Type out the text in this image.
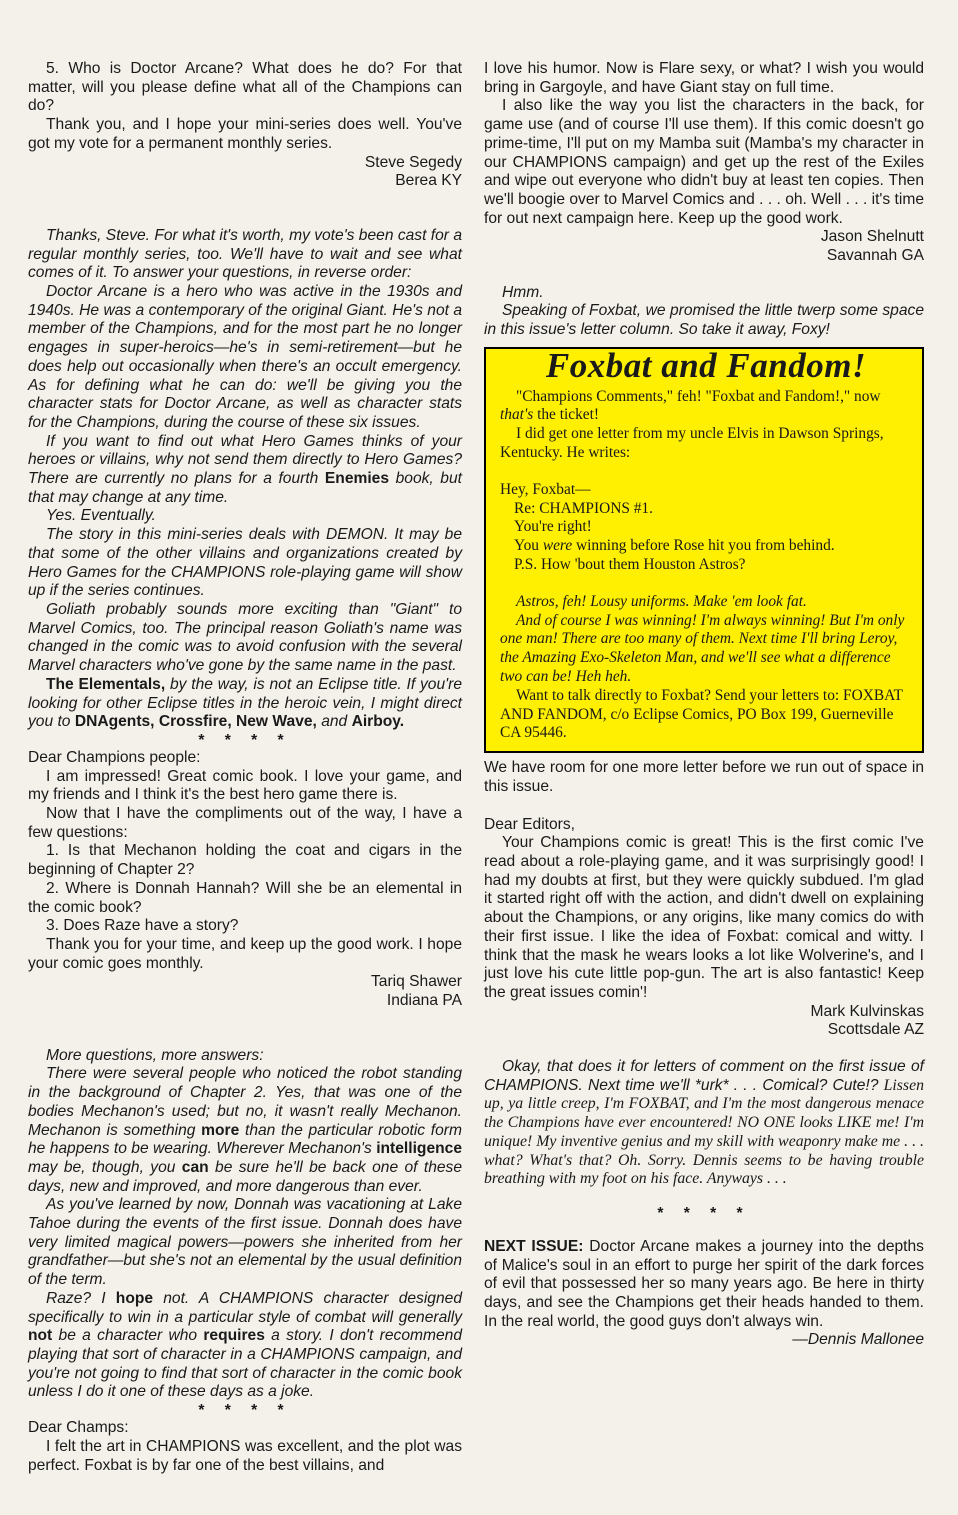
5. Who is Doctor Arcane? What does he do? For that matter, will you please define what all of the Champions can do?

Thank you, and I hope your mini-series does well. You've got my vote for a permanent monthly series.

Steve Segedy

Berea KY

Thanks, Steve. For what it's worth, my vote's been cast for a regular monthly series, too. We'll have to wait and see what comes of it. To answer your questions, in reverse order:

Doctor Arcane is a hero who was active in the 1930s and 1940s. He was a contemporary of the original Giant. He's not a member of the Champions, and for the most part he no longer engages in super-heroics—he's in semi-retirement—but he does help out occasionally when there's an occult emergency. As for defining what he can do: we'll be giving you the character stats for Doctor Arcane, as well as character stats for the Champions, during the course of these six issues.

If you want to find out what Hero Games thinks of your heroes or villains, why not send them directly to Hero Games? There are currently no plans for a fourth Enemies book, but that may change at any time.

Yes. Eventually.

The story in this mini-series deals with DEMON. It may be that some of the other villains and organizations created by Hero Games for the CHAMPIONS role-playing game will show up if the series continues.

Goliath probably sounds more exciting than "Giant" to Marvel Comics, too. The principal reason Goliath's name was changed in the comic was to avoid confusion with the several Marvel characters who've gone by the same name in the past.

The Elementals, by the way, is not an Eclipse title. If you're looking for other Eclipse titles in the heroic vein, I might direct you to DNAgents, Crossfire, New Wave, and Airboy.

* * * *

Dear Champions people:

I am impressed! Great comic book. I love your game, and my friends and I think it's the best hero game there is.

Now that I have the compliments out of the way, I have a few questions:

1. Is that Mechanon holding the coat and cigars in the beginning of Chapter 2?

2. Where is Donnah Hannah? Will she be an elemental in the comic book?

3. Does Raze have a story?

Thank you for your time, and keep up the good work. I hope your comic goes monthly.

Tariq Shawer

Indiana PA

More questions, more answers:

There were several people who noticed the robot standing in the background of Chapter 2. Yes, that was one of the bodies Mechanon's used; but no, it wasn't really Mechanon. Mechanon is something more than the particular robotic form he happens to be wearing. Wherever Mechanon's intelligence may be, though, you can be sure he'll be back one of these days, new and improved, and more dangerous than ever.

As you've learned by now, Donnah was vacationing at Lake Tahoe during the events of the first issue. Donnah does have very limited magical powers—powers she inherited from her grandfather—but she's not an elemental by the usual definition of the term.

Raze? I hope not. A CHAMPIONS character designed specifically to win in a particular style of combat will generally not be a character who requires a story. I don't recommend playing that sort of character in a CHAMPIONS campaign, and you're not going to find that sort of character in the comic book unless I do it one of these days as a joke.

* * * *

Dear Champs:

I felt the art in CHAMPIONS was excellent, and the plot was perfect. Foxbat is by far one of the best villains, and

I love his humor. Now is Flare sexy, or what? I wish you would bring in Gargoyle, and have Giant stay on full time.

I also like the way you list the characters in the back, for game use (and of course I'll use them). If this comic doesn't go prime-time, I'll put on my Mamba suit (Mamba's my character in our CHAMPIONS campaign) and get up the rest of the Exiles and wipe out everyone who didn't buy at least ten copies. Then we'll boogie over to Marvel Comics and . . . oh. Well . . . it's time for out next campaign here. Keep up the good work.

Jason Shelnutt

Savannah GA

Hmm.

Speaking of Foxbat, we promised the little twerp some space in this issue's letter column. So take it away, Foxy!

Foxbat and Fandom!

"Champions Comments," feh! "Foxbat and Fandom!," now that's the ticket!

I did get one letter from my uncle Elvis in Dawson Springs, Kentucky. He writes:

Hey, Foxbat—

Re: CHAMPIONS #1.

You're right!

You were winning before Rose hit you from behind.

P.S. How 'bout them Houston Astros?

Astros, feh! Lousy uniforms. Make 'em look fat.

And of course I was winning! I'm always winning! But I'm only one man! There are too many of them. Next time I'll bring Leroy, the Amazing Exo-Skeleton Man, and we'll see what a difference two can be! Heh heh.

Want to talk directly to Foxbat? Send your letters to: FOXBAT AND FANDOM, c/o Eclipse Comics, PO Box 199, Guerneville CA 95446.

We have room for one more letter before we run out of space in this issue.

Dear Editors,

Your Champions comic is great! This is the first comic I've read about a role-playing game, and it was surprisingly good! I had my doubts at first, but they were quickly subdued. I'm glad it started right off with the action, and didn't dwell on explaining about the Champions, or any origins, like many comics do with their first issue. I like the idea of Foxbat: comical and witty. I think that the mask he wears looks a lot like Wolverine's, and I just love his cute little pop-gun. The art is also fantastic! Keep the great issues comin'!

Mark Kulvinskas

Scottsdale AZ

Okay, that does it for letters of comment on the first issue of CHAMPIONS. Next time we'll *urk* . . . Comical? Cute!? Lissen up, ya little creep, I'm FOXBAT, and I'm the most dangerous menace the Champions have ever encountered! NO ONE looks LIKE me! I'm unique! My inventive genius and my skill with weaponry make me . . . what? What's that? Oh. Sorry. Dennis seems to be having trouble breathing with my foot on his face. Anyways . . .

* * * *

NEXT ISSUE: Doctor Arcane makes a journey into the depths of Malice's soul in an effort to purge her spirit of the dark forces of evil that possessed her so many years ago. Be here in thirty days, and see the Champions get their heads handed to them. In the real world, the good guys don't always win.

—Dennis Mallonee
